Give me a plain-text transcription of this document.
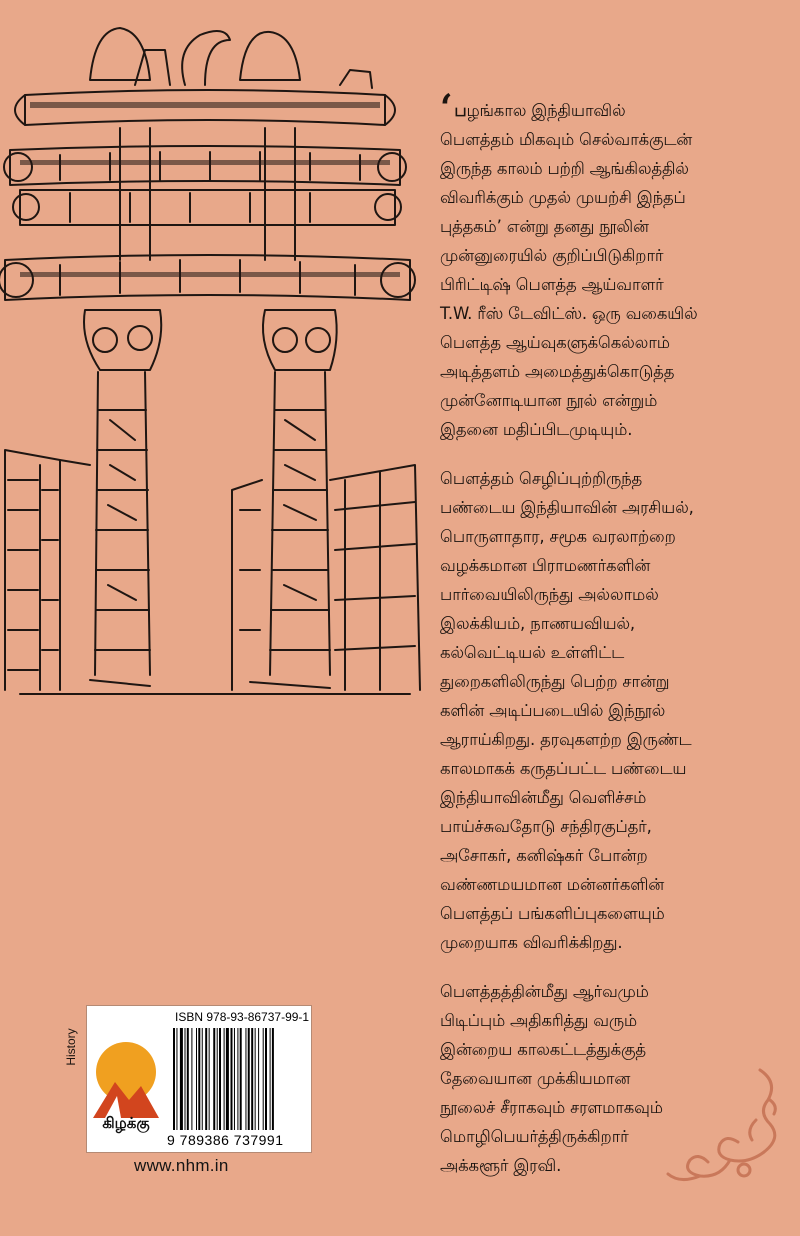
‘ பழங்கால இந்தியாவில்
பௌத்தம் மிகவும் செல்வாக்குடன்
இருந்த காலம் பற்றி ஆங்கிலத்தில்
விவரிக்கும் முதல் முயற்சி இந்தப்
புத்தகம்’ என்று தனது நூலின்
முன்னுரையில் குறிப்பிடுகிறார்
பிரிட்டிஷ் பௌத்த ஆய்வாளர்
T.W. ரீஸ் டேவிட்ஸ். ஒரு வகையில்
பௌத்த ஆய்வுகளுக்கெல்லாம்
அடித்தளம் அமைத்துக்கொடுத்த
முன்னோடியான நூல் என்றும்
இதனை மதிப்பிடமுடியும்.

பௌத்தம் செழிப்புற்றிருந்த
பண்டைய இந்தியாவின் அரசியல்,
பொருளாதார, சமூக வரலாற்றை
வழக்கமான பிராமணர்களின்
பார்வையிலிருந்து அல்லாமல்
இலக்கியம், நாணயவியல்,
கல்வெட்டியல் உள்ளிட்ட
துறைகளிலிருந்து பெற்ற சான்று
களின் அடிப்படையில் இந்நூல்
ஆராய்கிறது. தரவுகளற்ற இருண்ட
காலமாகக் கருதப்பட்ட பண்டைய
இந்தியாவின்மீது வெளிச்சம்
பாய்ச்சுவதோடு சந்திரகுப்தர்,
அசோகர், கனிஷ்கர் போன்ற
வண்ணமயமான மன்னர்களின்
பௌத்தப் பங்களிப்புகளையும்
முறையாக விவரிக்கிறது.

பௌத்தத்தின்மீது ஆர்வமும்
பிடிப்பும் அதிகரித்து வரும்
இன்றைய காலகட்டத்துக்குத்
தேவையான முக்கியமான
நூலைச் சீராகவும் சரளமாகவும்
மொழிபெயர்த்திருக்கிறார்
அக்களூர் இரவி.

History
கிழக்கு
ISBN 978-93-86737-99-1
9 789386 737991
www.nhm.in
